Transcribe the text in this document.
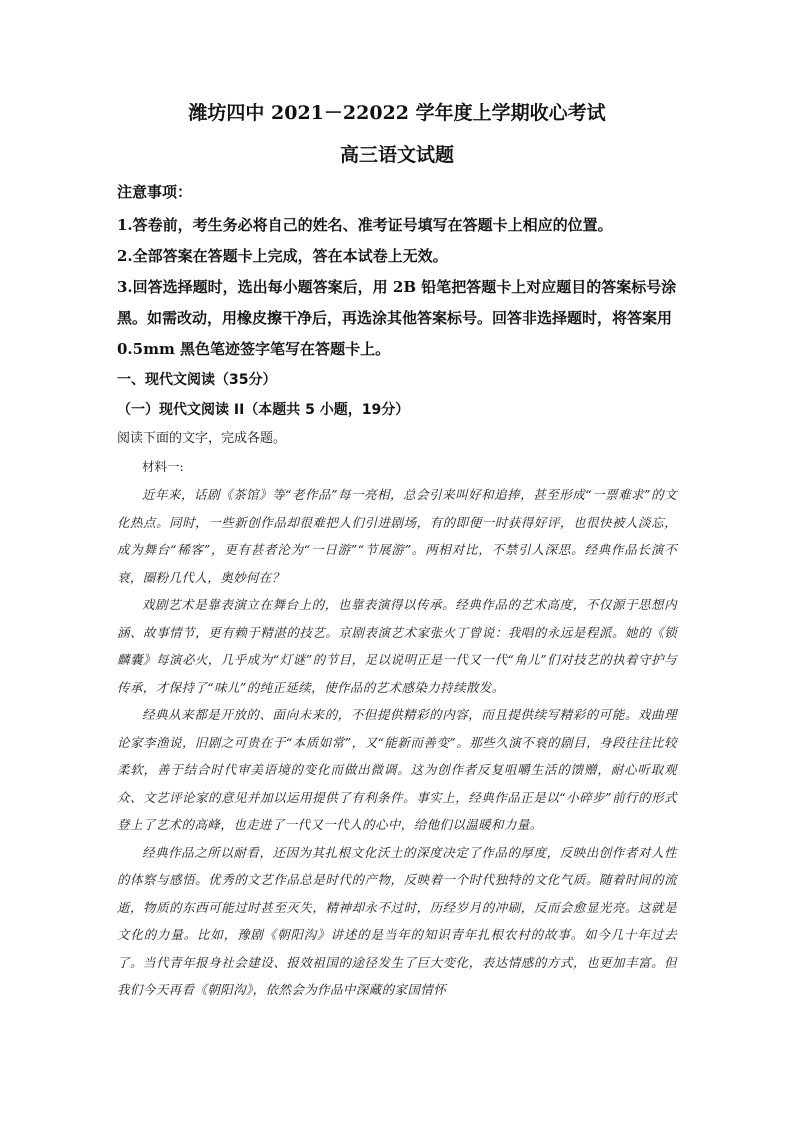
潍坊四中 2021－22022 学年度上学期收心考试
高三语文试题

注意事项：

1.答卷前，考生务必将自己的姓名、准考证号填写在答题卡上相应的位置。

2.全部答案在答题卡上完成，答在本试卷上无效。

3.回答选择题时，选出每小题答案后，用 2B 铅笔把答题卡上对应题目的答案标号涂黑。如需改动，用橡皮擦干净后，再选涂其他答案标号。回答非选择题时，将答案用 0.5mm 黑色笔迹签字笔写在答题卡上。

一、现代文阅读（35分）

（一）现代文阅读 II（本题共 5 小题，19分）

阅读下面的文字，完成各题。

材料一:

近年来，话剧《茶馆》等“老作品”每一亮相，总会引来叫好和追捧，甚至形成“一票难求”的文化热点。同时，一些新创作品却很难把人们引进剧场，有的即便一时获得好评，也很快被人淡忘，成为舞台“稀客”，更有甚者沦为“一日游”“节展游”。两相对比，不禁引人深思。经典作品长演不衰，圈粉几代人，奥妙何在？

戏剧艺术是靠表演立在舞台上的，也靠表演得以传承。经典作品的艺术高度，不仅源于思想内涵、故事情节，更有赖于精湛的技艺。京剧表演艺术家张火丁曾说：我唱的永远是程派。她的《锁麟囊》每演必火，几乎成为“灯谜”的节目，足以说明正是一代又一代“角儿”们对技艺的执着守护与传承，才保持了“味儿”的纯正延续，使作品的艺术感染力持续散发。

经典从来都是开放的、面向未来的，不但提供精彩的内容，而且提供续写精彩的可能。戏曲理论家李渔说，旧剧之可贵在于“本质如常”，又“能新而善变”。那些久演不衰的剧目，身段往往比较柔软，善于结合时代审美语境的变化而做出微调。这为创作者反复咀嚼生活的馈赠，耐心听取观众、文艺评论家的意见并加以运用提供了有利条件。事实上，经典作品正是以“小碎步”前行的形式登上了艺术的高峰，也走进了一代又一代人的心中，给他们以温暖和力量。

经典作品之所以耐看，还因为其扎根文化沃土的深度决定了作品的厚度，反映出创作者对人性的体察与感悟。优秀的文艺作品总是时代的产物，反映着一个时代独特的文化气质。随着时间的流逝，物质的东西可能过时甚至灭失，精神却永不过时，历经岁月的冲刷，反而会愈显光亮。这就是文化的力量。比如，豫剧《朝阳沟》讲述的是当年的知识青年扎根农村的故事。如今几十年过去了。当代青年报身社会建设、报效祖国的途径发生了巨大变化，表达情感的方式，也更加丰富。但我们今天再看《朝阳沟》，依然会为作品中深藏的家国情怀
